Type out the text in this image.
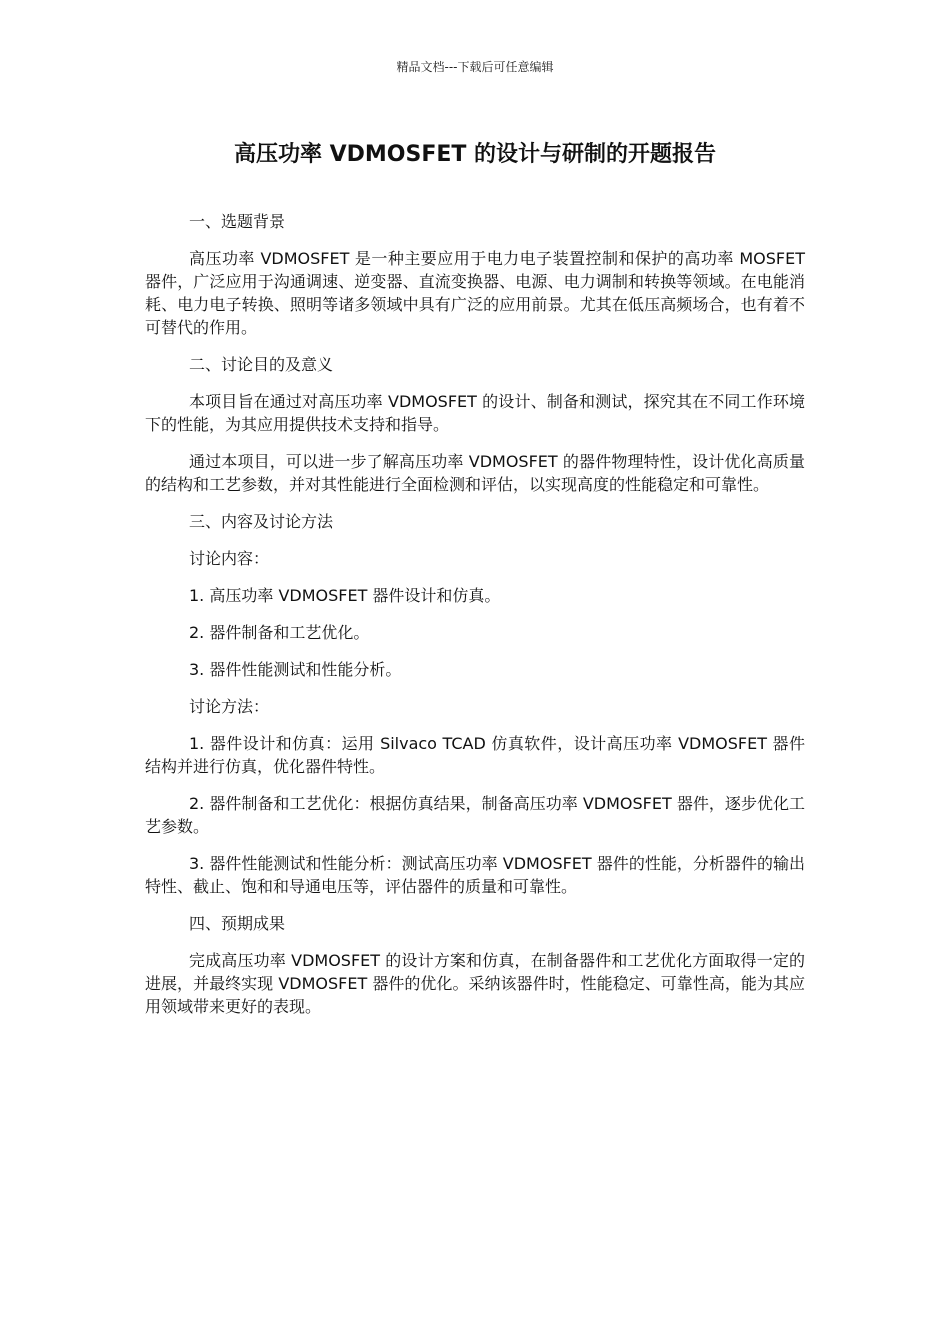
精品文档---下载后可任意编辑
高压功率 VDMOSFET 的设计与研制的开题报告

一、选题背景

高压功率 VDMOSFET 是一种主要应用于电力电子装置控制和保护的高功率 MOSFET 器件，广泛应用于沟通调速、逆变器、直流变换器、电源、电力调制和转换等领域。在电能消耗、电力电子转换、照明等诸多领域中具有广泛的应用前景。尤其在低压高频场合，也有着不可替代的作用。

二、讨论目的及意义

本项目旨在通过对高压功率 VDMOSFET 的设计、制备和测试，探究其在不同工作环境下的性能，为其应用提供技术支持和指导。

通过本项目，可以进一步了解高压功率 VDMOSFET 的器件物理特性，设计优化高质量的结构和工艺参数，并对其性能进行全面检测和评估，以实现高度的性能稳定和可靠性。

三、内容及讨论方法

讨论内容：

1. 高压功率 VDMOSFET 器件设计和仿真。

2. 器件制备和工艺优化。

3. 器件性能测试和性能分析。

讨论方法：

1. 器件设计和仿真：运用 Silvaco TCAD 仿真软件，设计高压功率 VDMOSFET 器件结构并进行仿真，优化器件特性。

2. 器件制备和工艺优化：根据仿真结果，制备高压功率 VDMOSFET 器件，逐步优化工艺参数。

3. 器件性能测试和性能分析：测试高压功率 VDMOSFET 器件的性能，分析器件的输出特性、截止、饱和和导通电压等，评估器件的质量和可靠性。

四、预期成果

完成高压功率 VDMOSFET 的设计方案和仿真，在制备器件和工艺优化方面取得一定的进展，并最终实现 VDMOSFET 器件的优化。采纳该器件时，性能稳定、可靠性高，能为其应用领域带来更好的表现。
